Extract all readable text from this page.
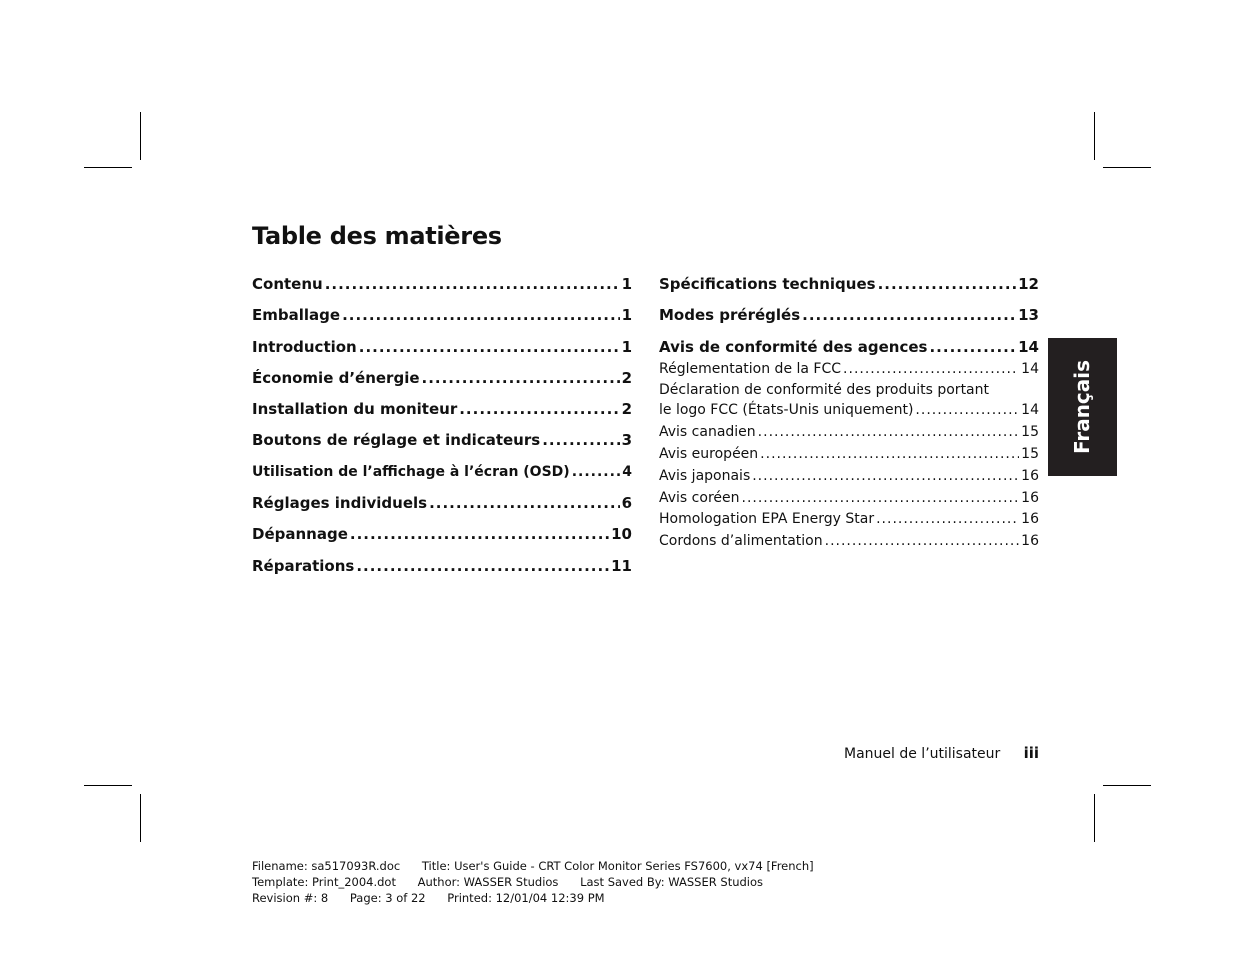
Table des matières
Contenu .....	1
Emballage .....	1
Introduction .....	1
Économie d’énergie .....	2
Installation du moniteur .....	2
Boutons de réglage et indicateurs .....	3
Utilisation de l’affichage à l’écran (OSD) .....	4
Réglages individuels .....	6
Dépannage .....	10
Réparations .....	11
Spécifications techniques .....	12
Modes préréglés .....	13
Avis de conformité des agences .....	14
Réglementation de la FCC .....	14
Déclaration de conformité des produits portant
le logo FCC (États-Unis uniquement) .....	14
Avis canadien .....	15
Avis européen .....	15
Avis japonais .....	16
Avis coréen .....	16
Homologation EPA Energy Star .....	16
Cordons d’alimentation .....	16
Français
Manuel de l’utilisateur iii
Filename: sa517093R.doc Title: User's Guide - CRT Color Monitor Series FS7600, vx74 [French]
Template: Print_2004.dot Author: WASSER Studios Last Saved By: WASSER Studios
Revision #: 8 Page: 3 of 22 Printed: 12/01/04 12:39 PM
